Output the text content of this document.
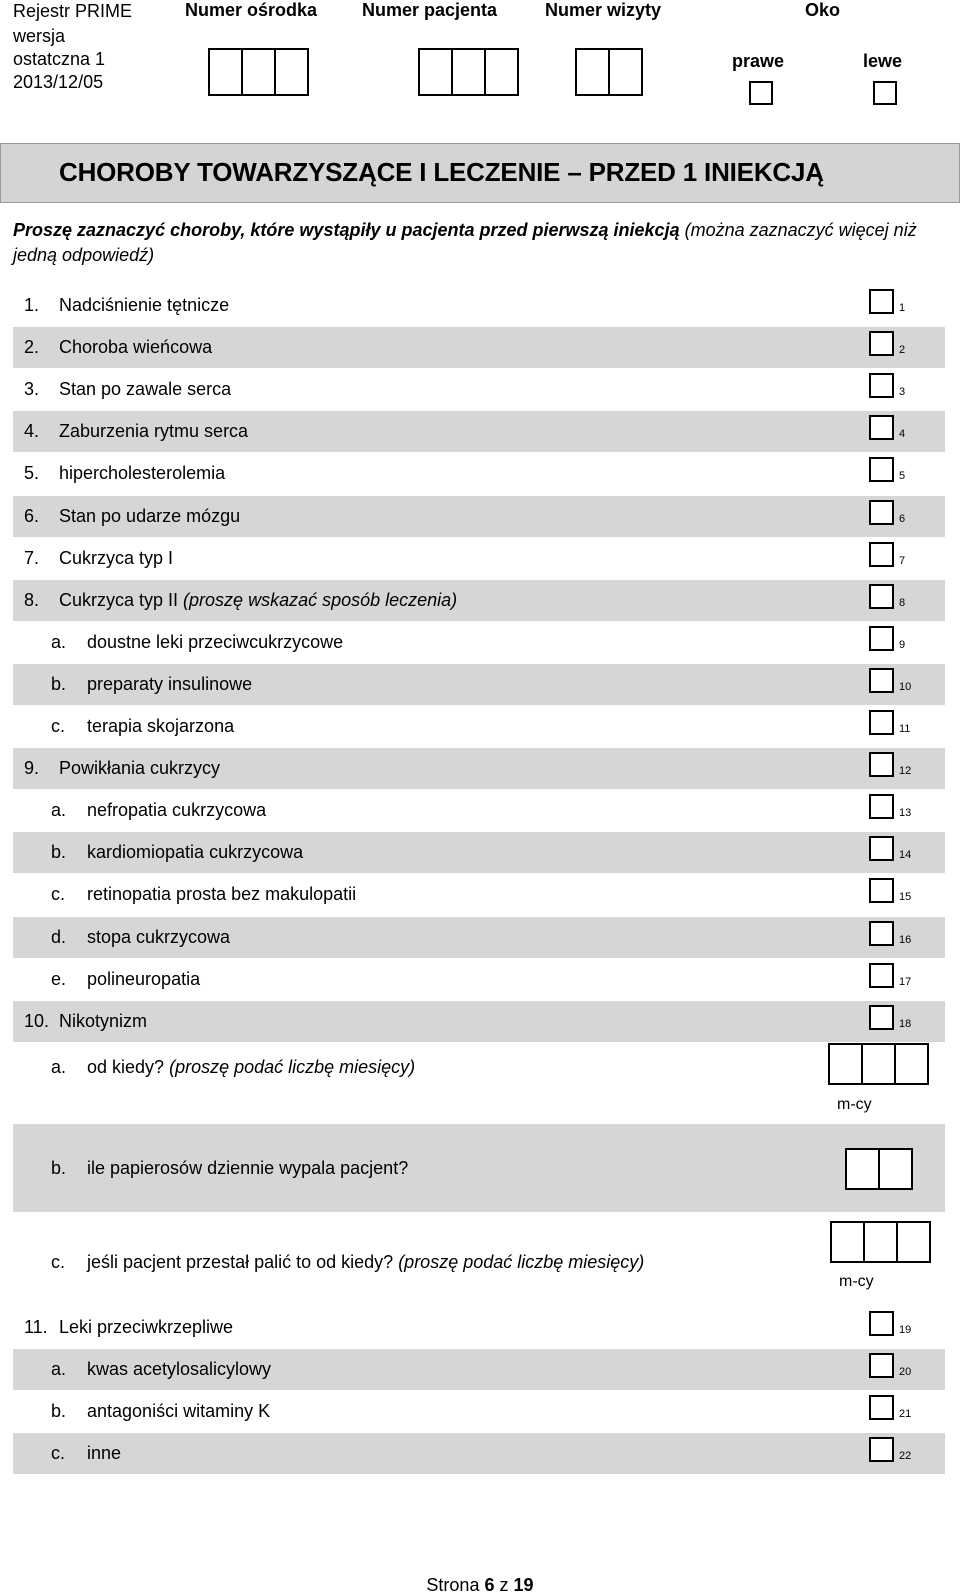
Rejestr PRIME
wersja
ostatczna 1
2013/12/05
Numer ośrodka Numer pacjenta	Numer wizyty	Oko
prawe	lewe
CHOROBY TOWARZYSZĄCE I LECZENIE – PRZED 1 INIEKCJĄ
Proszę zaznaczyć choroby, które wystąpiły u pacjenta przed pierwszą iniekcją (można zaznaczyć więcej niż jedną odpowiedź)
1. Nadciśnienie tętnicze	1
2. Choroba wieńcowa	2
3. Stan po zawale serca	3
4. Zaburzenia rytmu serca	4
5. hipercholesterolemia	5
6. Stan po udarze mózgu	6
7. Cukrzyca typ I	7
8. Cukrzyca typ II (proszę wskazać sposób leczenia)	8
a. doustne leki przeciwcukrzycowe	9
b. preparaty insulinowe	10
c. terapia skojarzona	11
9. Powikłania cukrzycy	12
a. nefropatia cukrzycowa	13
b. kardiomiopatia cukrzycowa	14
c. retinopatia prosta bez makulopatii	15
d. stopa cukrzycowa	16
e. polineuropatia	17
10. Nikotynizm	18
a. od kiedy? (proszę podać liczbę miesięcy)
m-cy
b. ile papierosów dziennie wypala pacjent?
c. jeśli pacjent przestał palić to od kiedy? (proszę podać liczbę miesięcy)
m-cy
11. Leki przeciwkrzepliwe	19
a. kwas acetylosalicylowy	20
b. antagoniści witaminy K	21
c. inne	22
Strona 6 z 19
